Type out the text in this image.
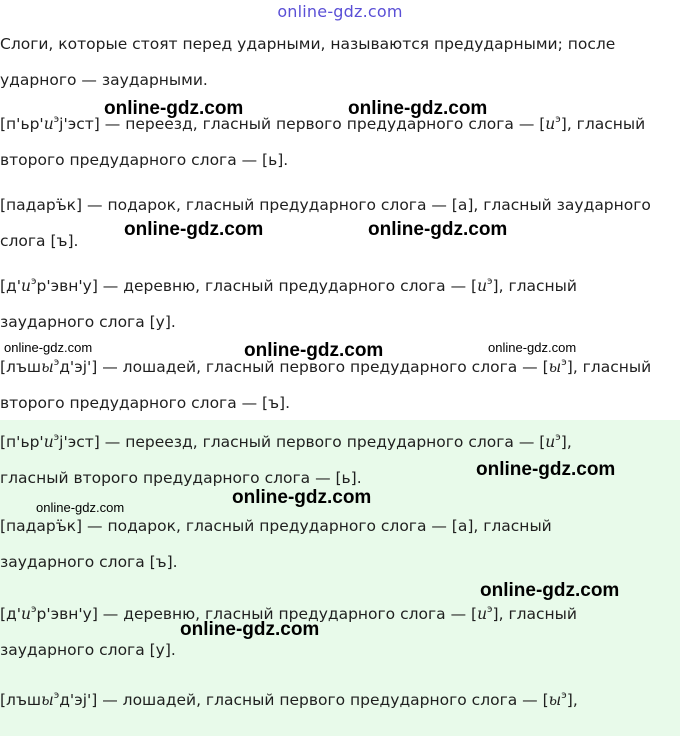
online-gdz.com
Слоги, которые стоят перед ударными, называются предударными; после
ударного — заударными.
$[п'ьр'и^эj'эст]$ — переезд, гласный первого предударного слога — $[и^э]$, гласный
второго предударного слога — [ь].
[падаръ̈к] — подарок, гласный предударного слога — [а], гласный заударного
слога [ъ].
$[д'и^эр'эвн'у]$ — деревню, гласный предударного слога — $[и^э]$, гласный
заударного слога [у].
[лъшы$^э$д'эj'] — лошадей, гласный первого предударного слога — $[ы^э]$, гласный
второго предударного слога — [ъ].
$[п'ьр'и^эj'эст]$ — переезд, гласный первого предударного слога — $[и^э]$,
гласный второго предударного слога — [ь].
[падаръ̈к] — подарок, гласный предударного слога — [а], гласный
заударного слога [ъ].
$[д'и^эр'эвн'у]$ — деревню, гласный предударного слога — $[и^э]$, гласный
заударного слога [у].
[лъшы$^э$д'эj'] — лошадей, гласный первого предударного слога — $[ы^э]$,
online-gdz.com	online-gdz.com
online-gdz.com	online-gdz.com
online-gdz.com	online-gdz.com	online-gdz.com
online-gdz.com
online-gdz.com	online-gdz.com
online-gdz.com
online-gdz.com
